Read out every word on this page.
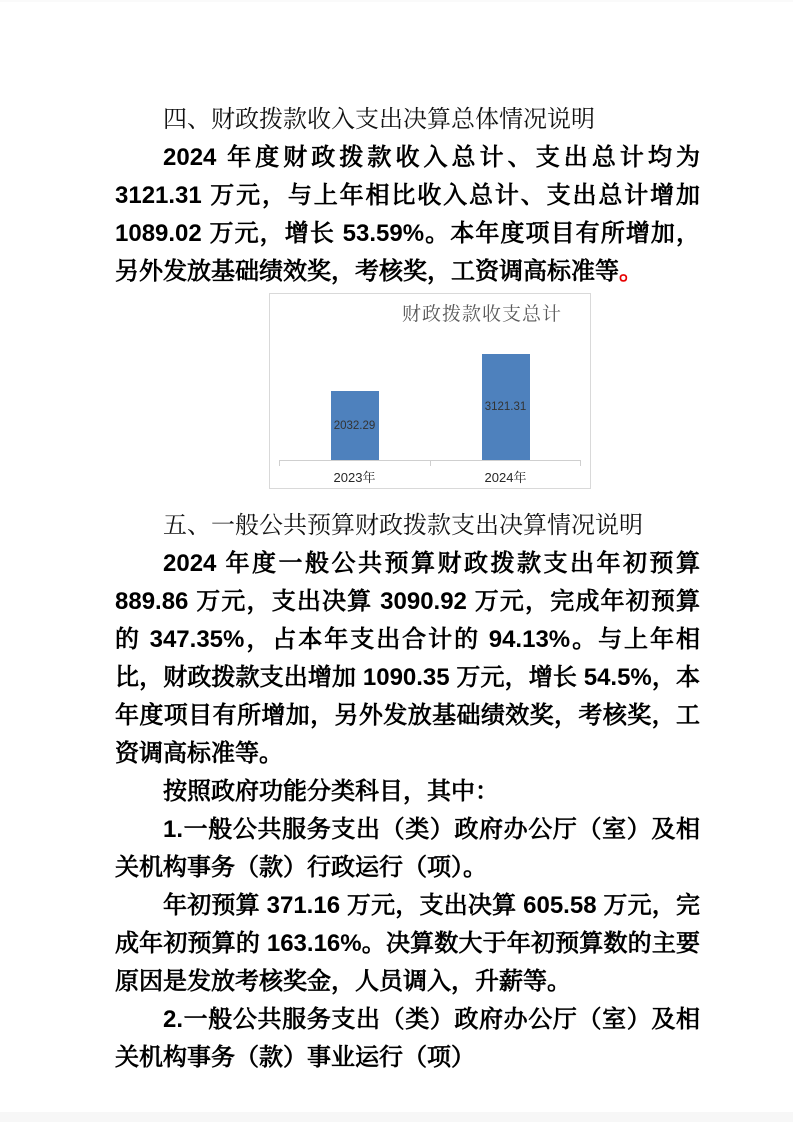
四、财政拨款收入支出决算总体情况说明

2024 年度财政拨款收入总计、支出总计均为 3121.31 万元，与上年相比收入总计、支出总计增加 1089.02 万元，增长 53.59%。本年度项目有所增加，另外发放基础绩效奖，考核奖，工资调高标准等。

财政拨款收支总计
2032.29
3121.31
2023年	2024年

五、一般公共预算财政拨款支出决算情况说明

2024 年度一般公共预算财政拨款支出年初预算 889.86 万元，支出决算 3090.92 万元，完成年初预算的 347.35%，占本年支出合计的 94.13%。与上年相比，财政拨款支出增加 1090.35 万元，增长 54.5%，本年度项目有所增加，另外发放基础绩效奖，考核奖，工资调高标准等。

按照政府功能分类科目，其中：

1.一般公共服务支出（类）政府办公厅（室）及相关机构事务（款）行政运行（项）。

年初预算 371.16 万元，支出决算 605.58 万元，完成年初预算的 163.16%。决算数大于年初预算数的主要原因是发放考核奖金，人员调入，升薪等。

2.一般公共服务支出（类）政府办公厅（室）及相关机构事务（款）事业运行（项）
